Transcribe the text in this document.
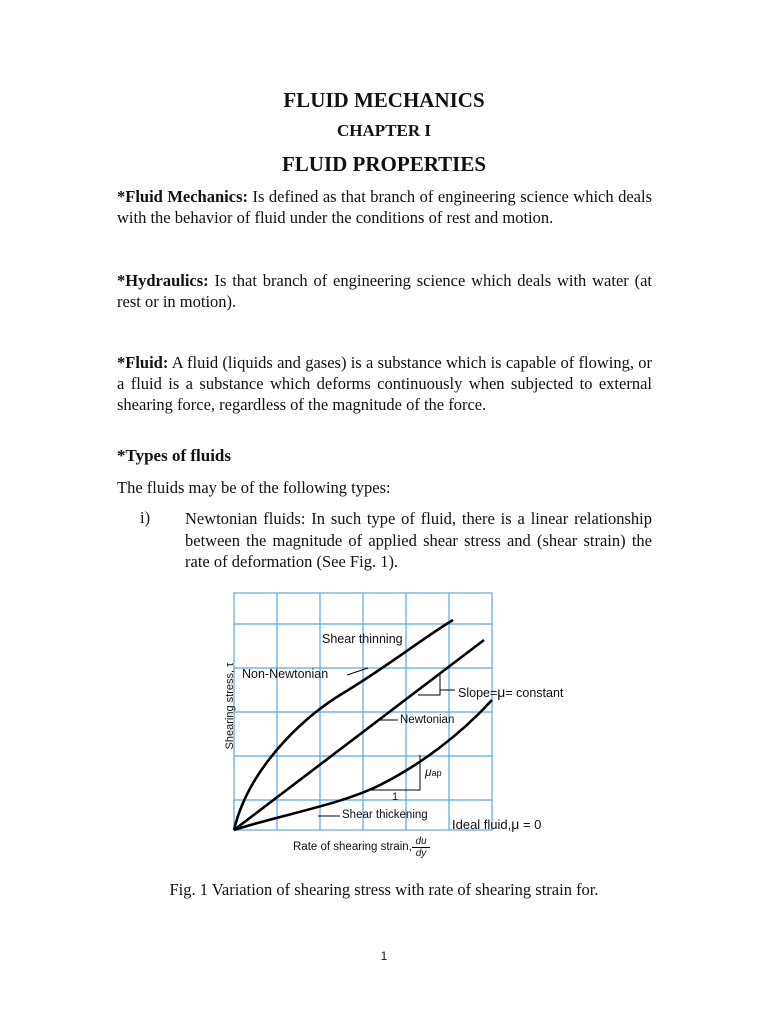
FLUID MECHANICS
CHAPTER I
FLUID PROPERTIES
*Fluid Mechanics: Is defined as that branch of engineering science which deals with the behavior of fluid under the conditions of rest and motion.
*Hydraulics: Is that branch of engineering science which deals with water (at rest or in motion).
*Fluid: A fluid (liquids and gases) is a substance which is capable of flowing, or a fluid is a substance which deforms continuously when subjected to external shearing force, regardless of the magnitude of the force.
*Types of fluids
The fluids may be of the following types:
i) Newtonian fluids: In such type of fluid, there is a linear relationship between the magnitude of applied shear stress and (shear strain) the rate of deformation (See Fig. 1).
Shear thinning
Non-Newtonian
Slope=μ= constant
Newtonian
μap
1
Shear thickening
Ideal fluid,μ = 0
Shearing stress, τ
Rate of shearing strain, $\frac{du}{dy}$
Fig. 1 Variation of shearing stress with rate of shearing strain for.
1
